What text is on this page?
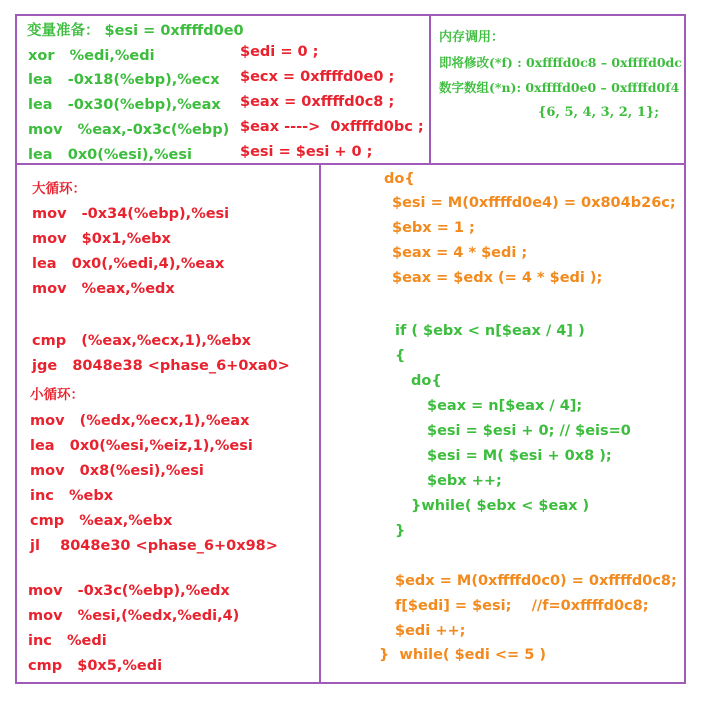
变量准备： $esi = 0xffffd0e0
xor   %edi,%edi
lea   -0x18(%ebp),%ecx
lea   -0x30(%ebp),%eax
mov   %eax,-0x3c(%ebp)
lea   0x0(%esi),%esi
$edi = 0 ;
$ecx = 0xffffd0e0 ;
$eax = 0xffffd0c8 ;
$eax ---->  0xffffd0bc ;
$esi = $esi + 0 ;
内存调用：
即将修改(*f) : 0xffffd0c8 – 0xffffd0dc
数字数组(*n): 0xffffd0e0 – 0xffffd0f4
{6, 5, 4, 3, 2, 1};
大循环：
mov   -0x34(%ebp),%esi
mov   $0x1,%ebx
lea   0x0(,%edi,4),%eax
mov   %eax,%edx
cmp   (%eax,%ecx,1),%ebx
jge   8048e38 <phase_6+0xa0>
小循环：
mov   (%edx,%ecx,1),%eax
lea   0x0(%esi,%eiz,1),%esi
mov   0x8(%esi),%esi
inc   %ebx
cmp   %eax,%ebx
jl    8048e30 <phase_6+0x98>
mov   -0x3c(%ebp),%edx
mov   %esi,(%edx,%edi,4)
inc   %edi
cmp   $0x5,%edi
do{
$esi = M(0xffffd0e4) = 0x804b26c;
$ebx = 1 ;
$eax = 4 * $edi ;
$eax = $edx (= 4 * $edi );
if ( $ebx < n[$eax / 4] )
{
do{
$eax = n[$eax / 4];
$esi = $esi + 0; // $eis=0
$esi = M( $esi + 0x8 );
$ebx ++;
}while( $ebx < $eax )
}
$edx = M(0xffffd0c0) = 0xffffd0c8;
f[$edi] = $esi;    //f=0xffffd0c8;
$edi ++;
}  while( $edi <= 5 )
